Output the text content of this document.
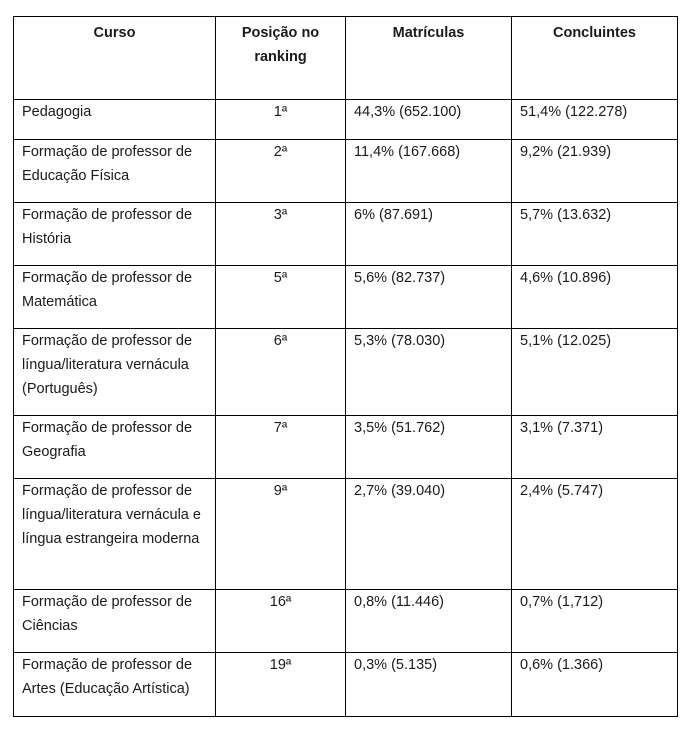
Curso	Posição no ranking	Matrículas	Concluintes
Pedagogia	1ª	44,3% (652.100)	51,4% (122.278)
Formação de professor de Educação Física	2ª	11,4% (167.668)	9,2% (21.939)
Formação de professor de História	3ª	6% (87.691)	5,7% (13.632)
Formação de professor de Matemática	5ª	5,6% (82.737)	4,6% (10.896)
Formação de professor de língua/literatura vernácula (Português)	6ª	5,3% (78.030)	5,1% (12.025)
Formação de professor de Geografia	7ª	3,5% (51.762)	3,1% (7.371)
Formação de professor de língua/literatura vernácula e língua estrangeira moderna	9ª	2,7% (39.040)	2,4% (5.747)
Formação de professor de Ciências	16ª	0,8% (11.446)	0,7% (1,712)
Formação de professor de Artes (Educação Artística)	19ª	0,3% (5.135)	0,6% (1.366)
